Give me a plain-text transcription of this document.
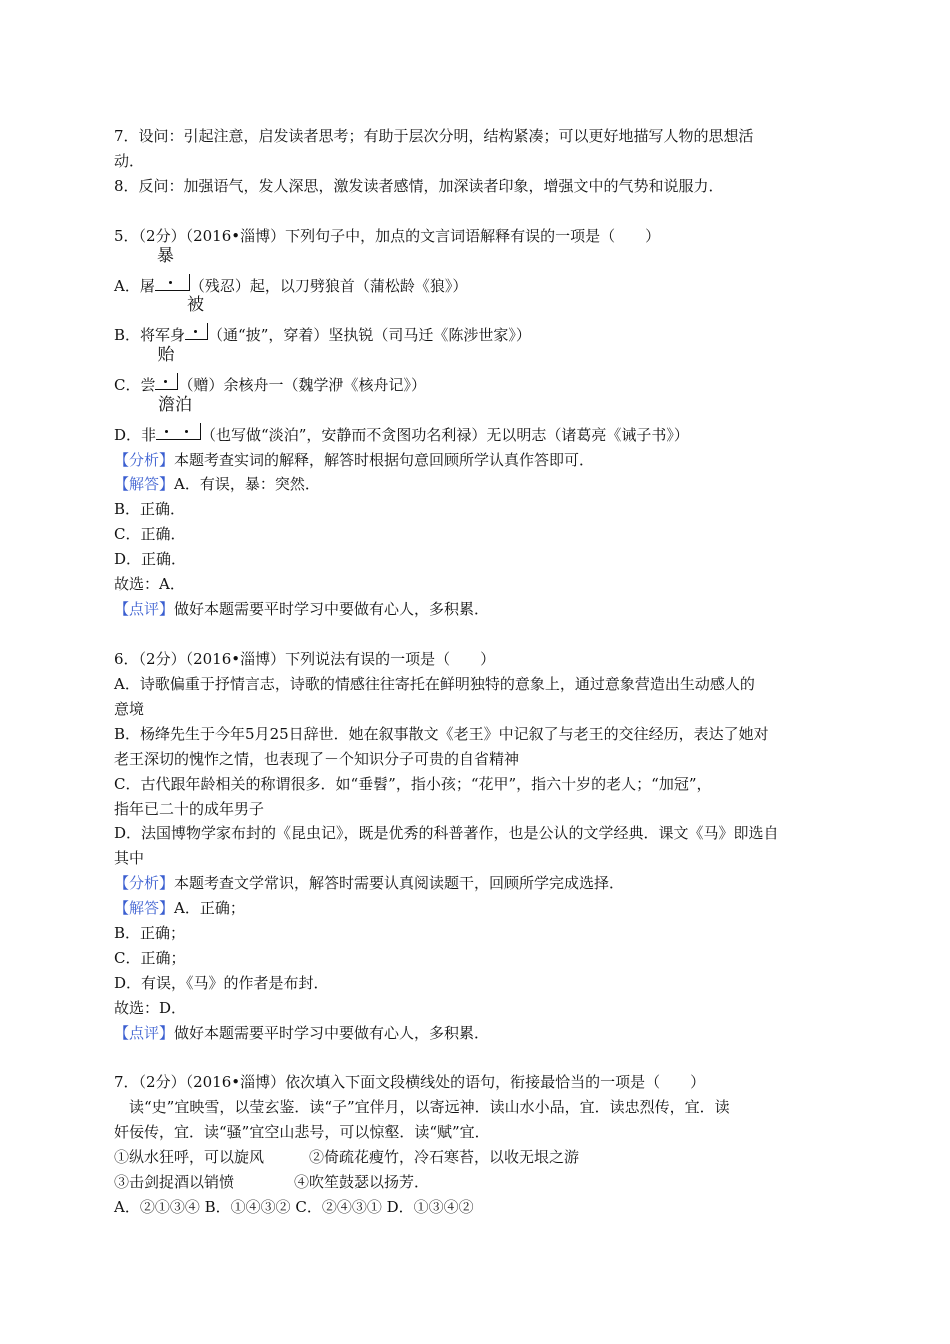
7．设问：引起注意，启发读者思考；有助于层次分明，结构紧凑；可以更好地描写人物的思想活
动．
8．反问：加强语气，发人深思，激发读者感情，加深读者印象，增强文中的气势和说服力．
5．（2分）（2016•淄博）下列句子中，加点的文言词语解释有误的一项是（　　）
A．屠
暴
（残忍）起，以刀劈狼首（蒲松龄《狼》）
B．将军身
被
（通“披”，穿着）坚执锐（司马迁《陈涉世家》）
C．尝
贻
（赠）余核舟一（魏学洢《核舟记》）
D．非
澹泊
（也写做“淡泊”，安静而不贪图功名利禄）无以明志（诸葛亮《诫子书》）
【分析】本题考查实词的解释，解答时根据句意回顾所学认真作答即可．
【解答】A．有误，暴：突然．
B．正确．
C．正确．
D．正确．
故选：A．
【点评】做好本题需要平时学习中要做有心人，多积累．
6．（2分）（2016•淄博）下列说法有误的一项是（　　）
A．诗歌偏重于抒情言志，诗歌的情感往往寄托在鲜明独特的意象上，通过意象营造出生动感人的
意境
B．杨绛先生于今年5月25日辞世．她在叙事散文《老王》中记叙了与老王的交往经历，表达了她对
老王深切的愧怍之情，也表现了－个知识分子可贵的自省精神
C．古代跟年龄相关的称谓很多．如“垂髫”，指小孩；“花甲”，指六十岁的老人；“加冠”，
指年已二十的成年男子
D．法国博物学家布封的《昆虫记》，既是优秀的科普著作，也是公认的文学经典．课文《马》即选自
其中
【分析】本题考查文学常识，解答时需要认真阅读题干，回顾所学完成选择．
【解答】A．正确；
B．正确；
C．正确；
D．有误，《马》的作者是布封．
故选：D．
【点评】做好本题需要平时学习中要做有心人，多积累．
7．（2分）（2016•淄博）依次填入下面文段横线处的语句，衔接最恰当的一项是（　　）
　读“史”宜映雪，以莹玄鉴．读“子”宜伴月，以寄远神．读山水小品，宜．读忠烈传，宜．读
奸佞传，宜．读“骚”宜空山悲号，可以惊壑．读“赋”宜．
①纵水狂呼，可以旋风　　　②倚疏花瘦竹，冷石寒苔，以收无垠之游
③击剑捉酒以销愤　　　　④吹笙鼓瑟以扬芳．
A．②①③④ B．①④③② C．②④③① D．①③④②
